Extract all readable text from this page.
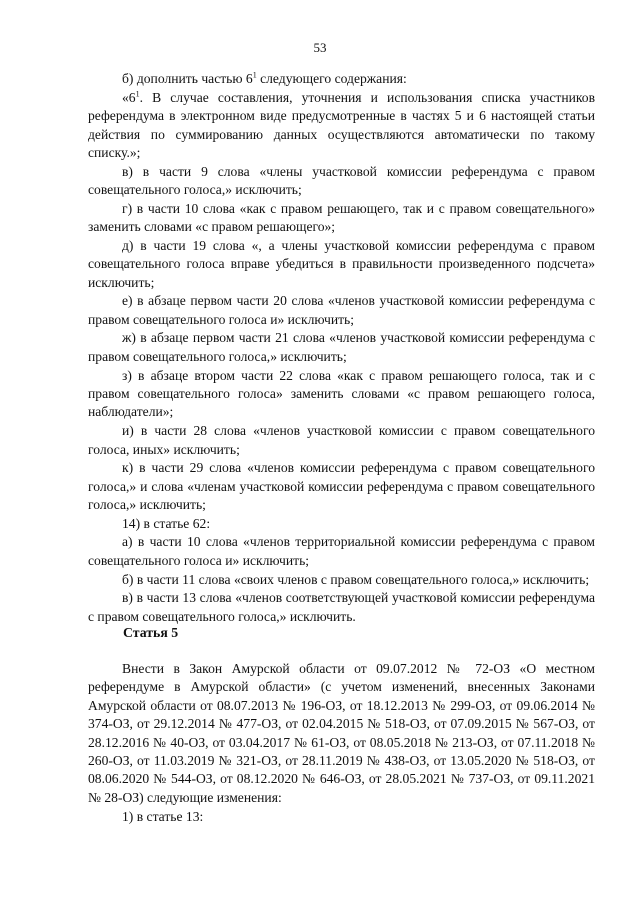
53

б) дополнить частью $6^1$ следующего содержания:

«$6^1$. В случае составления, уточнения и использования списка участников референдума в электронном виде предусмотренные в частях 5 и 6 настоящей статьи действия по суммированию данных осуществляются автоматически по такому списку.»;

в) в части 9 слова «члены участковой комиссии референдума с правом совещательного голоса,» исключить;

г) в части 10 слова «как с правом решающего, так и с правом совещательного» заменить словами «с правом решающего»;

д) в части 19 слова «, а члены участковой комиссии референдума с правом совещательного голоса вправе убедиться в правильности произведенного подсчета» исключить;

е) в абзаце первом части 20 слова «членов участковой комиссии референдума с правом совещательного голоса и» исключить;

ж) в абзаце первом части 21 слова «членов участковой комиссии референдума с правом совещательного голоса,» исключить;

з) в абзаце втором части 22 слова «как с правом решающего голоса, так и с правом совещательного голоса» заменить словами «с правом решающего голоса, наблюдатели»;

и) в части 28 слова «членов участковой комиссии с правом совещательного голоса, иных» исключить;

к) в части 29 слова «членов комиссии референдума с правом совещательного голоса,» и слова «членам участковой комиссии референдума с правом совещательного голоса,» исключить;

14) в статье 62:

а) в части 10 слова «членов территориальной комиссии референдума с правом совещательного голоса и» исключить;

б) в части 11 слова «своих членов с правом совещательного голоса,» исключить;

в) в части 13 слова «членов соответствующей участковой комиссии референдума с правом совещательного голоса,» исключить.

Статья 5

Внести в Закон Амурской области от 09.07.2012 № 72-ОЗ «О местном референдуме в Амурской области» (с учетом изменений, внесенных Законами Амурской области от 08.07.2013 № 196-ОЗ, от 18.12.2013 № 299-ОЗ, от 09.06.2014 № 374-ОЗ, от 29.12.2014 № 477-ОЗ, от 02.04.2015 № 518-ОЗ, от 07.09.2015 № 567-ОЗ, от 28.12.2016 № 40-ОЗ, от 03.04.2017 № 61-ОЗ, от 08.05.2018 № 213-ОЗ, от 07.11.2018 № 260-ОЗ, от 11.03.2019 № 321-ОЗ, от 28.11.2019 № 438-ОЗ, от 13.05.2020 № 518-ОЗ, от 08.06.2020 № 544-ОЗ, от 08.12.2020 № 646-ОЗ, от 28.05.2021 № 737-ОЗ, от 09.11.2021 № 28-ОЗ) следующие изменения:

1) в статье 13:
